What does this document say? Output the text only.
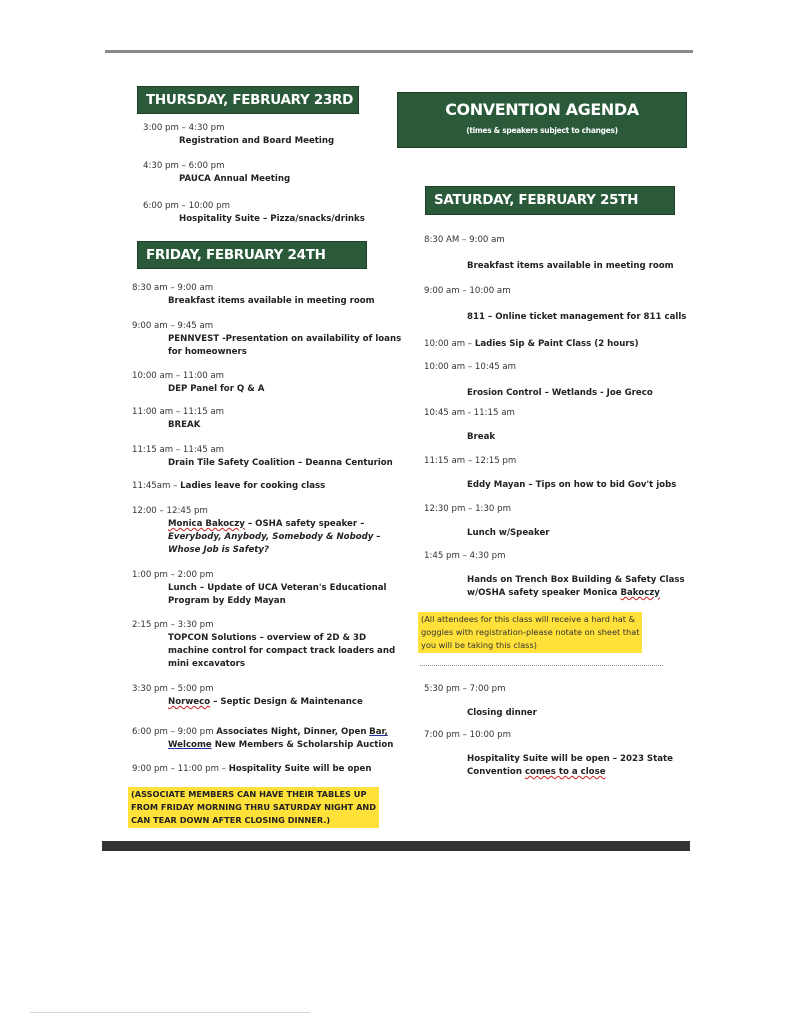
THURSDAY, FEBRUARY 23RD
3:00 pm – 4:30 pm
Registration and Board Meeting
4:30 pm – 6:00 pm
PAUCA Annual Meeting
6:00 pm – 10:00 pm
Hospitality Suite – Pizza/snacks/drinks
FRIDAY, FEBRUARY 24TH
8:30 am – 9:00 am
Breakfast items available in meeting room
9:00 am – 9:45 am
PENNVEST -Presentation on availability of loans
for homeowners
10:00 am – 11:00 am
DEP Panel for Q & A
11:00 am – 11:15 am
BREAK
11:15 am – 11:45 am
Drain Tile Safety Coalition – Deanna Centurion
11:45am – Ladies leave for cooking class
12:00 – 12:45 pm
Monica Bakoczy – OSHA safety speaker –
Everybody, Anybody, Somebody & Nobody –
Whose Job is Safety?
1:00 pm – 2:00 pm
Lunch – Update of UCA Veteran's Educational
Program by Eddy Mayan
2:15 pm – 3:30 pm
TOPCON Solutions – overview of 2D & 3D
machine control for compact track loaders and
mini excavators
3:30 pm – 5:00 pm
Norweco – Septic Design & Maintenance
6:00 pm – 9:00 pm Associates Night, Dinner, Open Bar,
Welcome New Members & Scholarship Auction
9:00 pm – 11:00 pm – Hospitality Suite will be open
(ASSOCIATE MEMBERS CAN HAVE THEIR TABLES UP
FROM FRIDAY MORNING THRU SATURDAY NIGHT AND
CAN TEAR DOWN AFTER CLOSING DINNER.)
CONVENTION AGENDA
(times & speakers subject to changes)
SATURDAY, FEBRUARY 25TH
8:30 AM – 9:00 am
Breakfast items available in meeting room
9:00 am – 10:00 am
811 – Online ticket management for 811 calls
10:00 am – Ladies Sip & Paint Class (2 hours)
10:00 am – 10:45 am
Erosion Control – Wetlands - Joe Greco
10:45 am - 11:15 am
Break
11:15 am – 12:15 pm
Eddy Mayan – Tips on how to bid Gov't jobs
12:30 pm – 1:30 pm
Lunch w/Speaker
1:45 pm – 4:30 pm
Hands on Trench Box Building & Safety Class
w/OSHA safety speaker Monica Bakoczy
(All attendees for this class will receive a hard hat &
goggles with registration-please notate on sheet that
you will be taking this class)
5:30 pm – 7:00 pm
Closing dinner
7:00 pm – 10:00 pm
Hospitality Suite will be open – 2023 State
Convention comes to a close
